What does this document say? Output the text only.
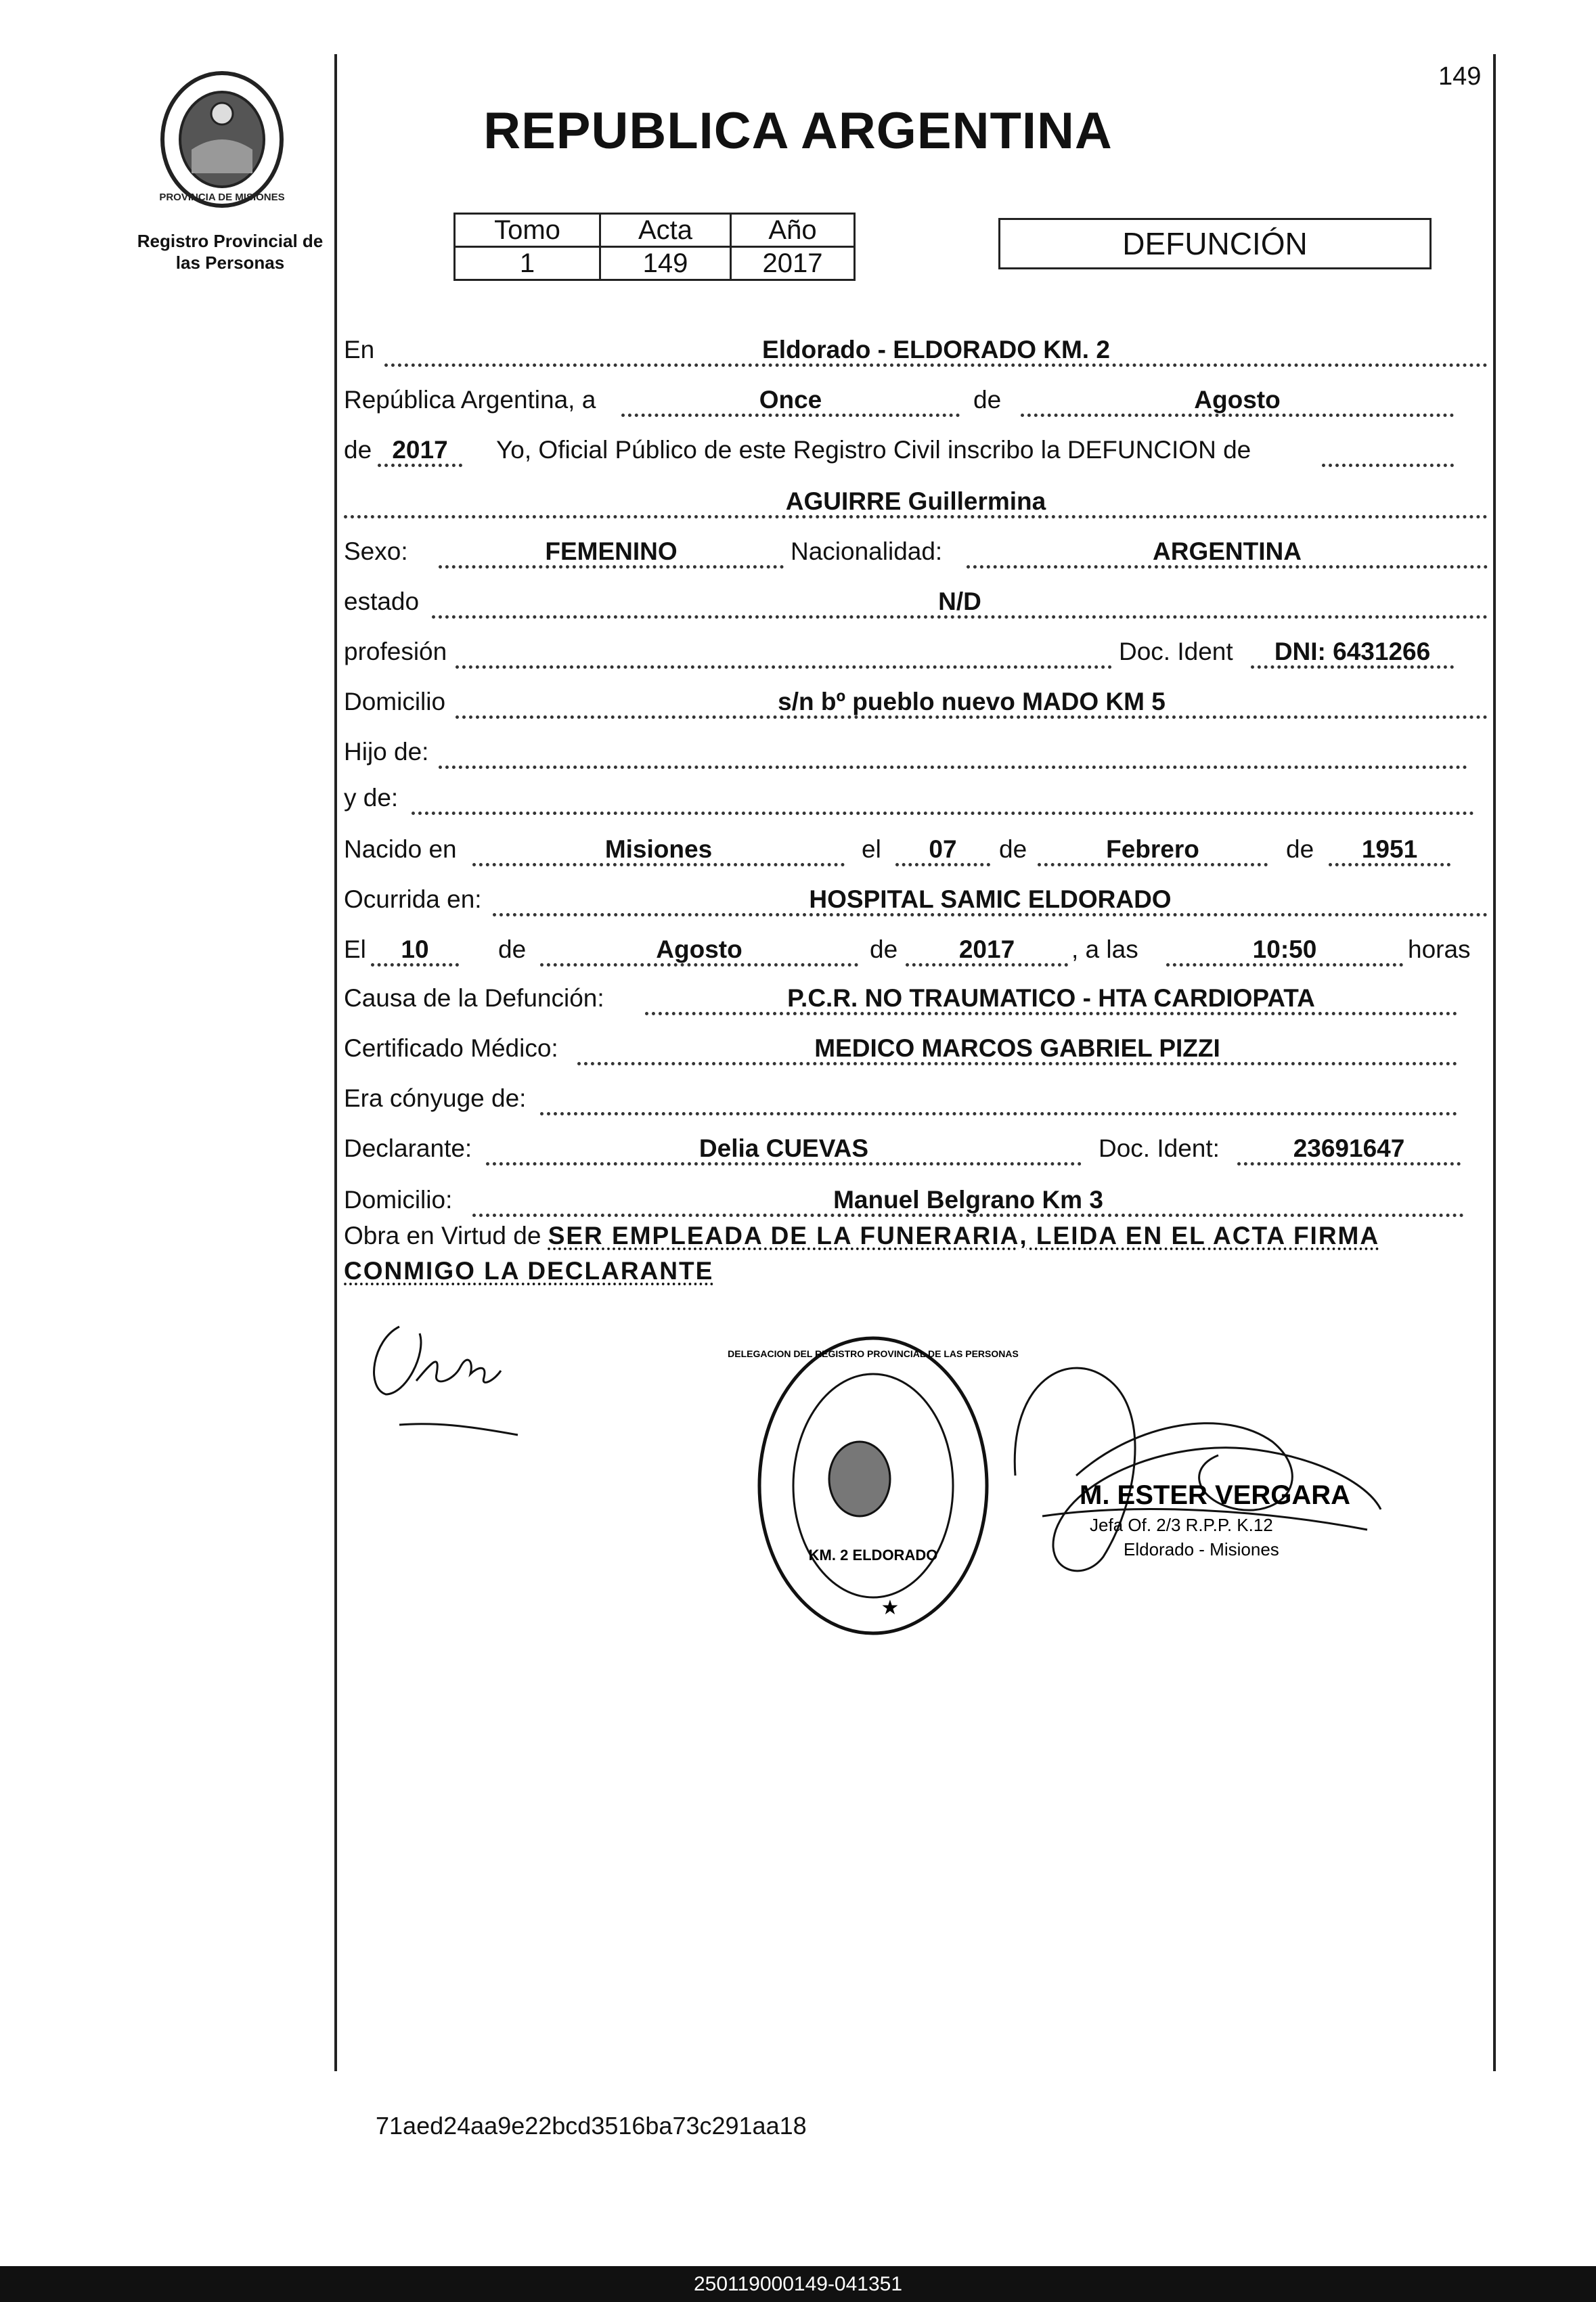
149
PROVINCIA DE MISIONES
Registro Provincial de
las Personas
REPUBLICA ARGENTINA
Tomo	Acta	Año
1	149	2017
DEFUNCIÓN
En	Eldorado - ELDORADO KM. 2
República Argentina, a	Once	de	Agosto
de 2017	Yo, Oficial Público de este Registro Civil inscribo la DEFUNCION de
AGUIRRE Guillermina
Sexo:	FEMENINO	Nacionalidad:	ARGENTINA
estado	N/D
profesión	Doc. Ident	DNI: 6431266
Domicilio	s/n bº pueblo nuevo MADO KM 5
Hijo de:
y de:
Nacido en	Misiones	el	07	de	Febrero	de	1951
Ocurrida en:	HOSPITAL SAMIC ELDORADO
El	10	de	Agosto	de	2017	, a las	10:50	horas
Causa de la Defunción:	P.C.R. NO TRAUMATICO - HTA CARDIOPATA
Certificado Médico:	MEDICO MARCOS GABRIEL PIZZI
Era cónyuge de:
Declarante:	Delia CUEVAS	Doc. Ident:	23691647
Domicilio:	Manuel Belgrano Km 3
Obra en Virtud de SER EMPLEADA DE LA FUNERARIA, LEIDA EN EL ACTA FIRMA CONMIGO LA DECLARANTE
DELEGACION DEL REGISTRO PROVINCIAL DE LAS PERSONAS
KM. 2 ELDORADO
★
M. ESTER VERGARA
Jefa Of. 2/3 R.P.P. K.12
Eldorado - Misiones
71aed24aa9e22bcd3516ba73c291aa18
250119000149-041351
